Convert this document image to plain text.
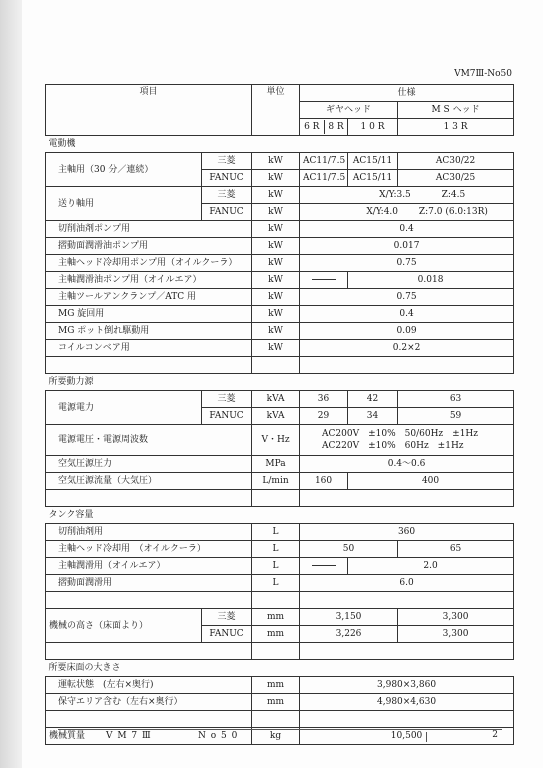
VM7Ⅲ-No50
項目		単位	仕様		
			ギヤヘッド		M S ヘッド
			6 R 8 R	1 0 R	1 3 R
電動機					
主軸用（30 分／連続）	三菱	kW	AC11/7.5	AC15/11	AC30/22
	FANUC	kW	AC11/7.5	AC15/11	AC30/25
送り軸用	三菱	kW	X/Y:3.5 Z:4.5		
	FANUC	kW	X/Y:4.0 Z:7.0 (6.0:13R)		
切削油剤ポンプ用		kW	0.4		
摺動面潤滑油ポンプ用		kW	0.017		
主軸ヘッド冷却用ポンプ用（オイルクーラ）		kW	0.75		
主軸潤滑油ポンプ用（オイルエア）		kW		0.018	
主軸ツールアンクランプ／ATC 用		kW	0.75		
MG 旋回用		kW	0.4		
MG ポット倒れ駆動用		kW	0.09		
コイルコンベア用		kW	0.2×2		

所要動力源					
電源電力	三菱	kVA	36	42	63
	FANUC	kVA	29	34	59
電源電圧・電源周波数		V・Hz	AC200V　±10%　50/60Hz　±1Hz
AC220V　±10%　60Hz　±1Hz		

空気圧源圧力		MPa	0.4～0.6		
空気圧源流量（大気圧）		L/min	160	400	

タンク容量					
切削油剤用		L	360		
主軸ヘッド冷却用　（オイルクーラ）		L	50		65
主軸潤滑用（オイルエア）		L		2.0	
摺動面潤滑用		L	6.0		

機械の高さ（床面より）	三菱	mm	3,150		3,300
	FANUC	mm	3,226		3,300

所要床面の大きさ					
運転状態　(左右×奥行)		mm	3,980×3,860		
保守エリア含む（左右×奥行）		mm	4,980×4,630		

機械質量		kg	10,500		
V M 7 Ⅲ	N o 5 0	2
